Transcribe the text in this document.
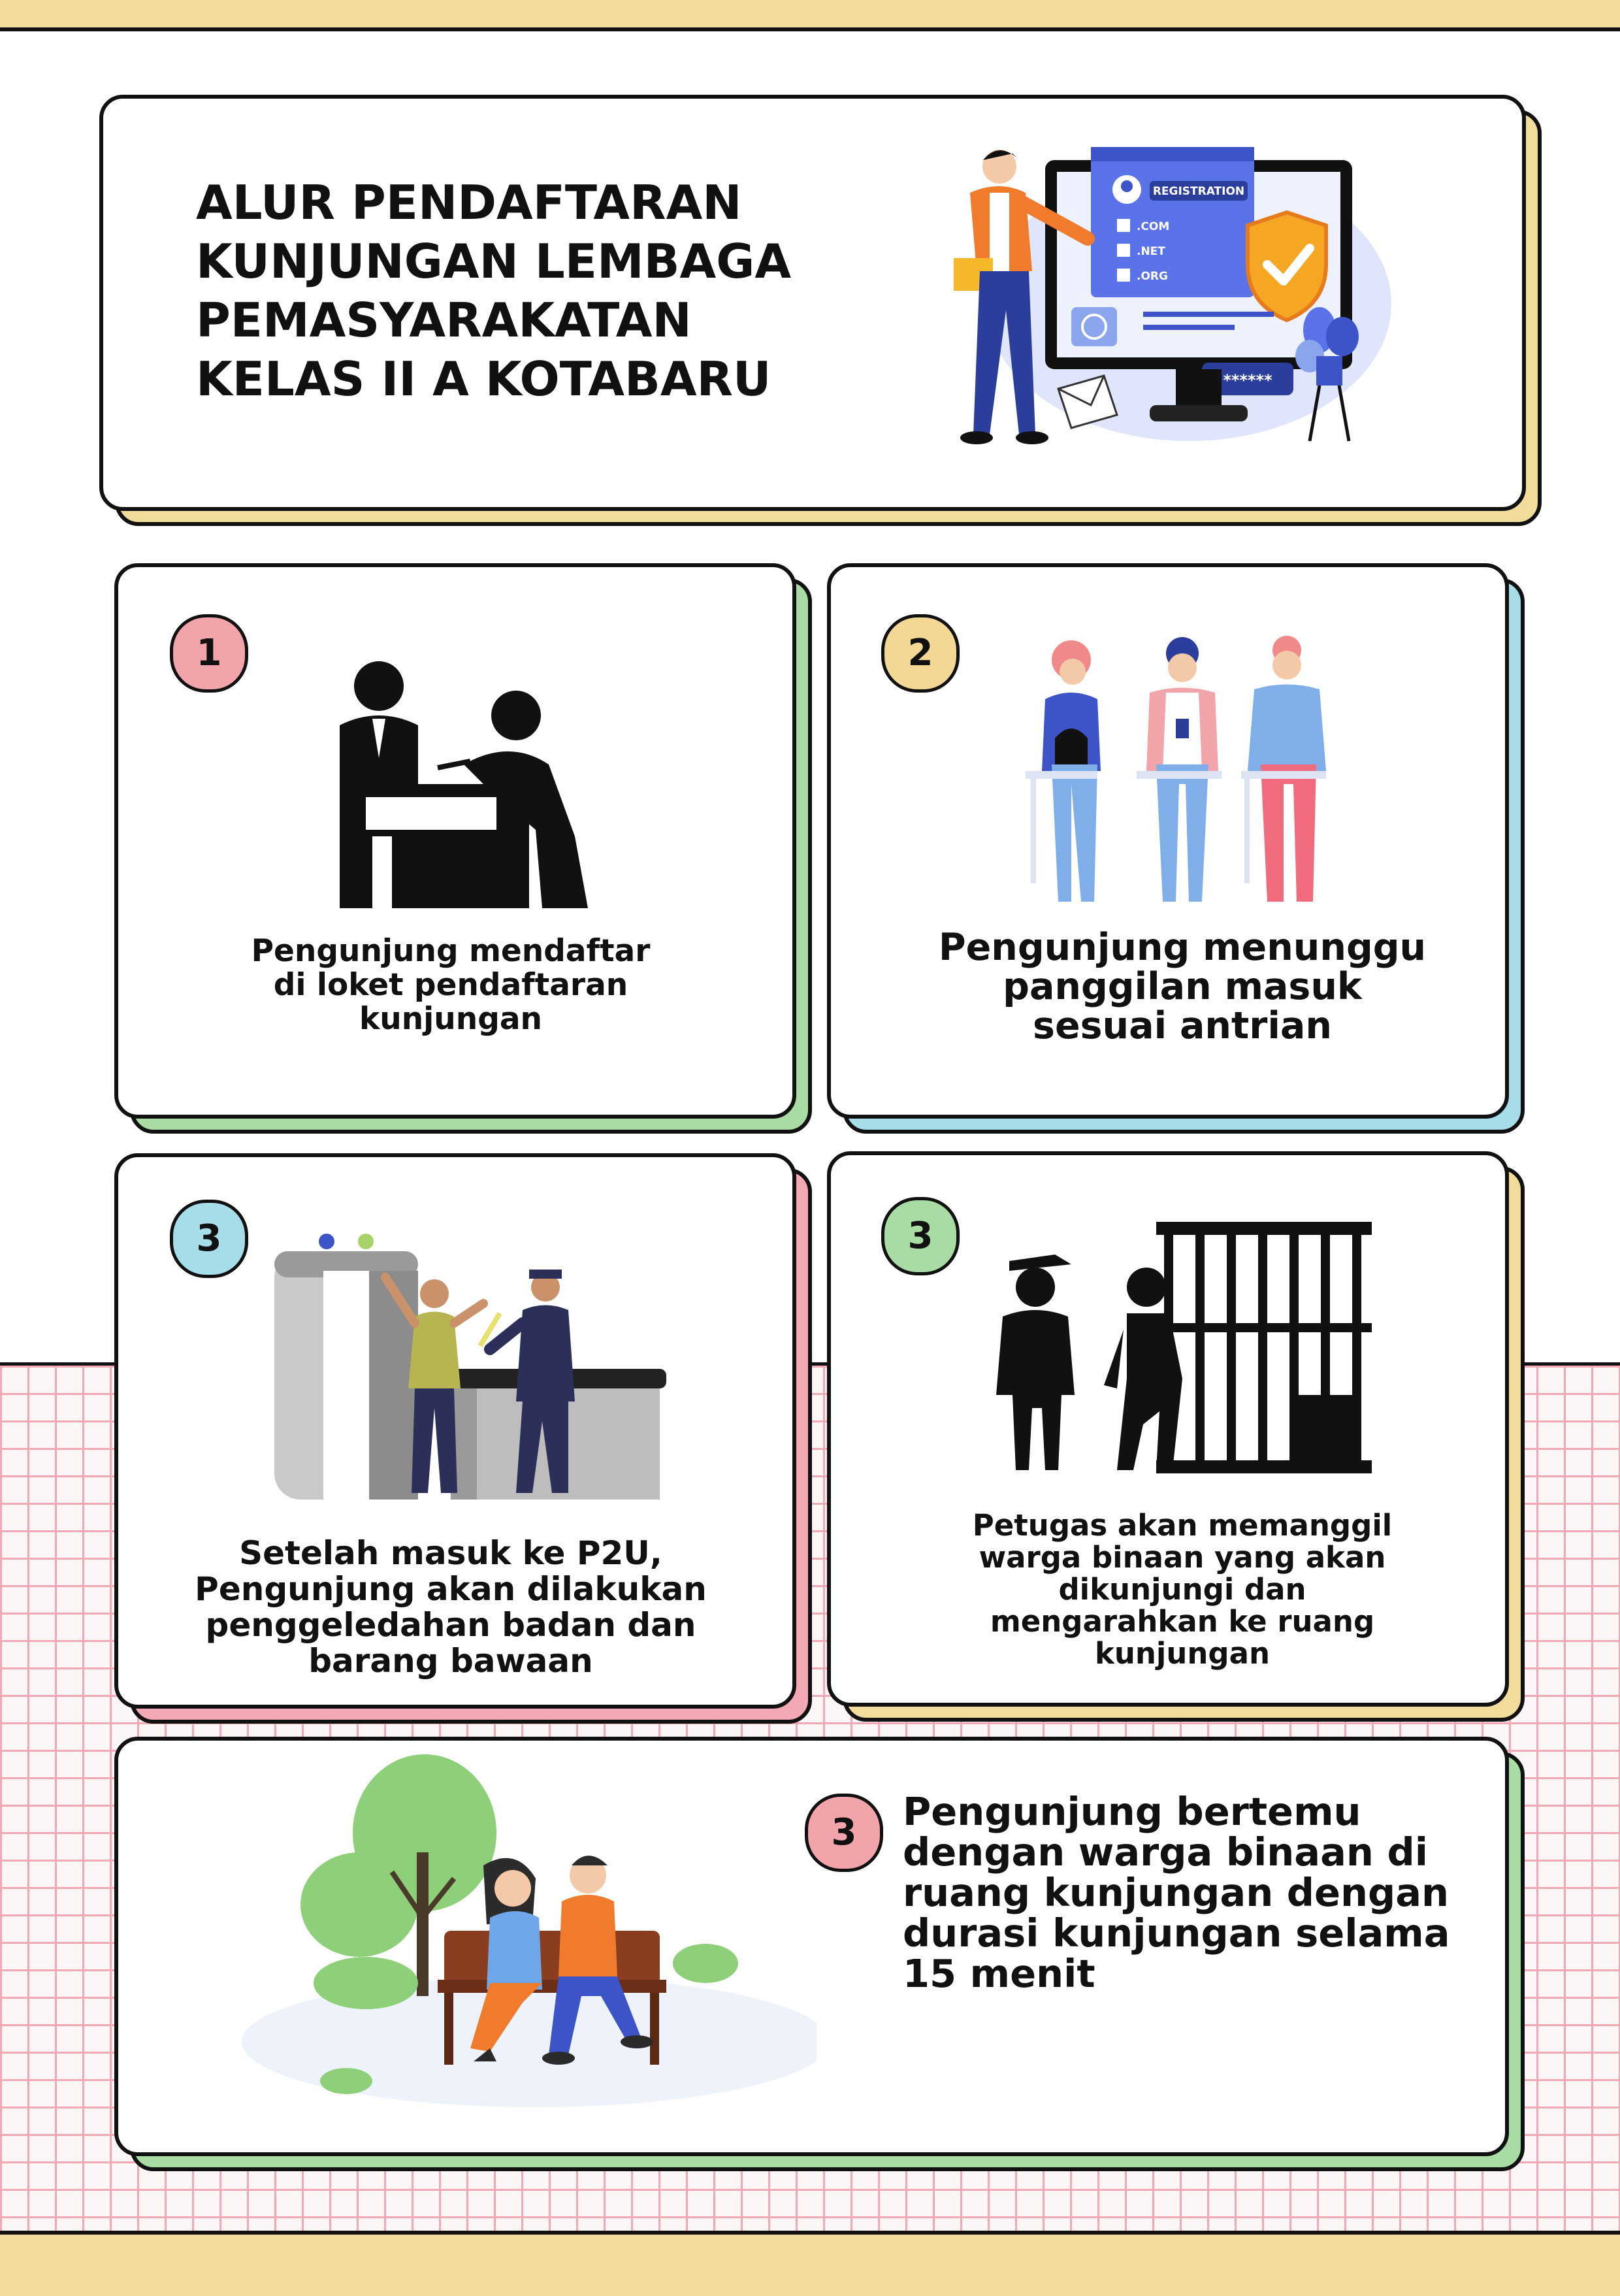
ALUR PENDAFTARAN
KUNJUNGAN LEMBAGA
PEMASYARAKATAN
KELAS II A KOTABARU
REGISTRATION
.COM
.NET
.ORG
******
1

Pengunjung mendaftar
di loket pendaftaran
kunjungan

2

Pengunjung menunggu
panggilan masuk
sesuai antrian

3

Setelah masuk ke P2U,
Pengunjung akan dilakukan
penggeledahan badan dan
barang bawaan

3

Petugas akan memanggil
warga binaan yang akan
dikunjungi dan
mengarahkan ke ruang
kunjungan

3	Pengunjung bertemu
dengan warga binaan di
ruang kunjungan dengan
durasi kunjungan selama
15 menit
